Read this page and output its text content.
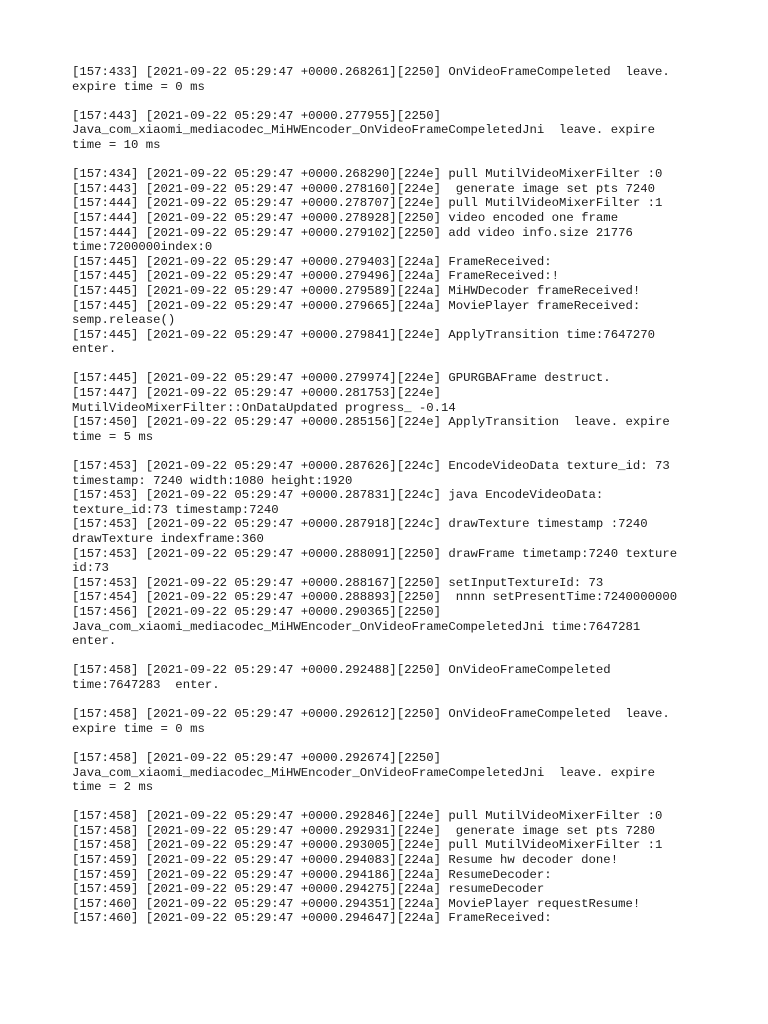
[157:433] [2021-09-22 05:29:47 +0000.268261][2250] OnVideoFrameCompeleted  leave.
expire time = 0 ms
[157:443] [2021-09-22 05:29:47 +0000.277955][2250]
Java_com_xiaomi_mediacodec_MiHWEncoder_OnVideoFrameCompeletedJni  leave. expire
time = 10 ms
[157:434] [2021-09-22 05:29:47 +0000.268290][224e] pull MutilVideoMixerFilter :0
[157:443] [2021-09-22 05:29:47 +0000.278160][224e]  generate image set pts 7240
[157:444] [2021-09-22 05:29:47 +0000.278707][224e] pull MutilVideoMixerFilter :1
[157:444] [2021-09-22 05:29:47 +0000.278928][2250] video encoded one frame
[157:444] [2021-09-22 05:29:47 +0000.279102][2250] add video info.size 21776
time:7200000index:0
[157:445] [2021-09-22 05:29:47 +0000.279403][224a] FrameReceived:
[157:445] [2021-09-22 05:29:47 +0000.279496][224a] FrameReceived:!
[157:445] [2021-09-22 05:29:47 +0000.279589][224a] MiHWDecoder frameReceived!
[157:445] [2021-09-22 05:29:47 +0000.279665][224a] MoviePlayer frameReceived:
semp.release()
[157:445] [2021-09-22 05:29:47 +0000.279841][224e] ApplyTransition time:7647270
enter.
[157:445] [2021-09-22 05:29:47 +0000.279974][224e] GPURGBAFrame destruct.
[157:447] [2021-09-22 05:29:47 +0000.281753][224e]
MutilVideoMixerFilter::OnDataUpdated progress_ -0.14
[157:450] [2021-09-22 05:29:47 +0000.285156][224e] ApplyTransition  leave. expire
time = 5 ms
[157:453] [2021-09-22 05:29:47 +0000.287626][224c] EncodeVideoData texture_id: 73
timestamp: 7240 width:1080 height:1920
[157:453] [2021-09-22 05:29:47 +0000.287831][224c] java EncodeVideoData:
texture_id:73 timestamp:7240
[157:453] [2021-09-22 05:29:47 +0000.287918][224c] drawTexture timestamp :7240
drawTexture indexframe:360
[157:453] [2021-09-22 05:29:47 +0000.288091][2250] drawFrame timetamp:7240 texture
id:73
[157:453] [2021-09-22 05:29:47 +0000.288167][2250] setInputTextureId: 73
[157:454] [2021-09-22 05:29:47 +0000.288893][2250]  nnnn setPresentTime:7240000000
[157:456] [2021-09-22 05:29:47 +0000.290365][2250]
Java_com_xiaomi_mediacodec_MiHWEncoder_OnVideoFrameCompeletedJni time:7647281
enter.
[157:458] [2021-09-22 05:29:47 +0000.292488][2250] OnVideoFrameCompeleted
time:7647283  enter.
[157:458] [2021-09-22 05:29:47 +0000.292612][2250] OnVideoFrameCompeleted  leave.
expire time = 0 ms
[157:458] [2021-09-22 05:29:47 +0000.292674][2250]
Java_com_xiaomi_mediacodec_MiHWEncoder_OnVideoFrameCompeletedJni  leave. expire
time = 2 ms
[157:458] [2021-09-22 05:29:47 +0000.292846][224e] pull MutilVideoMixerFilter :0
[157:458] [2021-09-22 05:29:47 +0000.292931][224e]  generate image set pts 7280
[157:458] [2021-09-22 05:29:47 +0000.293005][224e] pull MutilVideoMixerFilter :1
[157:459] [2021-09-22 05:29:47 +0000.294083][224a] Resume hw decoder done!
[157:459] [2021-09-22 05:29:47 +0000.294186][224a] ResumeDecoder:
[157:459] [2021-09-22 05:29:47 +0000.294275][224a] resumeDecoder
[157:460] [2021-09-22 05:29:47 +0000.294351][224a] MoviePlayer requestResume!
[157:460] [2021-09-22 05:29:47 +0000.294647][224a] FrameReceived:
